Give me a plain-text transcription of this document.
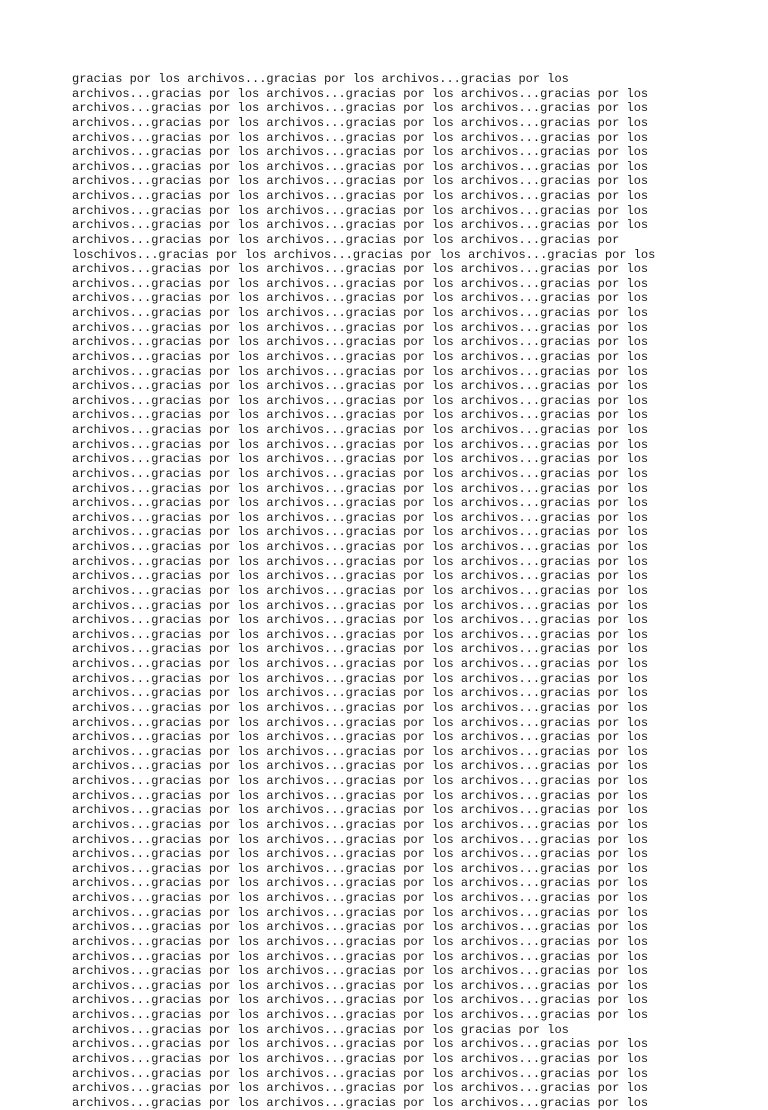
gracias por los archivos...gracias por los archivos...gracias por los
archivos...gracias por los archivos...gracias por los archivos...gracias por los
archivos...gracias por los archivos...gracias por los archivos...gracias por los
archivos...gracias por los archivos...gracias por los archivos...gracias por los
archivos...gracias por los archivos...gracias por los archivos...gracias por los
archivos...gracias por los archivos...gracias por los archivos...gracias por los
archivos...gracias por los archivos...gracias por los archivos...gracias por los
archivos...gracias por los archivos...gracias por los archivos...gracias por los
archivos...gracias por los archivos...gracias por los archivos...gracias por los
archivos...gracias por los archivos...gracias por los archivos...gracias por los
archivos...gracias por los archivos...gracias por los archivos...gracias por los
archivos...gracias por los archivos...gracias por los archivos...gracias por
loschivos...gracias por los archivos...gracias por los archivos...gracias por los
archivos...gracias por los archivos...gracias por los archivos...gracias por los
archivos...gracias por los archivos...gracias por los archivos...gracias por los
archivos...gracias por los archivos...gracias por los archivos...gracias por los
archivos...gracias por los archivos...gracias por los archivos...gracias por los
archivos...gracias por los archivos...gracias por los archivos...gracias por los
archivos...gracias por los archivos...gracias por los archivos...gracias por los
archivos...gracias por los archivos...gracias por los archivos...gracias por los
archivos...gracias por los archivos...gracias por los archivos...gracias por los
archivos...gracias por los archivos...gracias por los archivos...gracias por los
archivos...gracias por los archivos...gracias por los archivos...gracias por los
archivos...gracias por los archivos...gracias por los archivos...gracias por los
archivos...gracias por los archivos...gracias por los archivos...gracias por los
archivos...gracias por los archivos...gracias por los archivos...gracias por los
archivos...gracias por los archivos...gracias por los archivos...gracias por los
archivos...gracias por los archivos...gracias por los archivos...gracias por los
archivos...gracias por los archivos...gracias por los archivos...gracias por los
archivos...gracias por los archivos...gracias por los archivos...gracias por los
archivos...gracias por los archivos...gracias por los archivos...gracias por los
archivos...gracias por los archivos...gracias por los archivos...gracias por los
archivos...gracias por los archivos...gracias por los archivos...gracias por los
archivos...gracias por los archivos...gracias por los archivos...gracias por los
archivos...gracias por los archivos...gracias por los archivos...gracias por los
archivos...gracias por los archivos...gracias por los archivos...gracias por los
archivos...gracias por los archivos...gracias por los archivos...gracias por los
archivos...gracias por los archivos...gracias por los archivos...gracias por los
archivos...gracias por los archivos...gracias por los archivos...gracias por los
archivos...gracias por los archivos...gracias por los archivos...gracias por los
archivos...gracias por los archivos...gracias por los archivos...gracias por los
archivos...gracias por los archivos...gracias por los archivos...gracias por los
archivos...gracias por los archivos...gracias por los archivos...gracias por los
archivos...gracias por los archivos...gracias por los archivos...gracias por los
archivos...gracias por los archivos...gracias por los archivos...gracias por los
archivos...gracias por los archivos...gracias por los archivos...gracias por los
archivos...gracias por los archivos...gracias por los archivos...gracias por los
archivos...gracias por los archivos...gracias por los archivos...gracias por los
archivos...gracias por los archivos...gracias por los archivos...gracias por los
archivos...gracias por los archivos...gracias por los archivos...gracias por los
archivos...gracias por los archivos...gracias por los archivos...gracias por los
archivos...gracias por los archivos...gracias por los archivos...gracias por los
archivos...gracias por los archivos...gracias por los archivos...gracias por los
archivos...gracias por los archivos...gracias por los archivos...gracias por los
archivos...gracias por los archivos...gracias por los archivos...gracias por los
archivos...gracias por los archivos...gracias por los archivos...gracias por los
archivos...gracias por los archivos...gracias por los archivos...gracias por los
archivos...gracias por los archivos...gracias por los archivos...gracias por los
archivos...gracias por los archivos...gracias por los archivos...gracias por los
archivos...gracias por los archivos...gracias por los archivos...gracias por los
archivos...gracias por los archivos...gracias por los archivos...gracias por los
archivos...gracias por los archivos...gracias por los archivos...gracias por los
archivos...gracias por los archivos...gracias por los archivos...gracias por los
archivos...gracias por los archivos...gracias por los archivos...gracias por los
archivos...gracias por los archivos...gracias por los archivos...gracias por los
archivos...gracias por los archivos...gracias por los gracias por los
archivos...gracias por los archivos...gracias por los archivos...gracias por los
archivos...gracias por los archivos...gracias por los archivos...gracias por los
archivos...gracias por los archivos...gracias por los archivos...gracias por los
archivos...gracias por los archivos...gracias por los archivos...gracias por los
archivos...gracias por los archivos...gracias por los archivos...gracias por los
